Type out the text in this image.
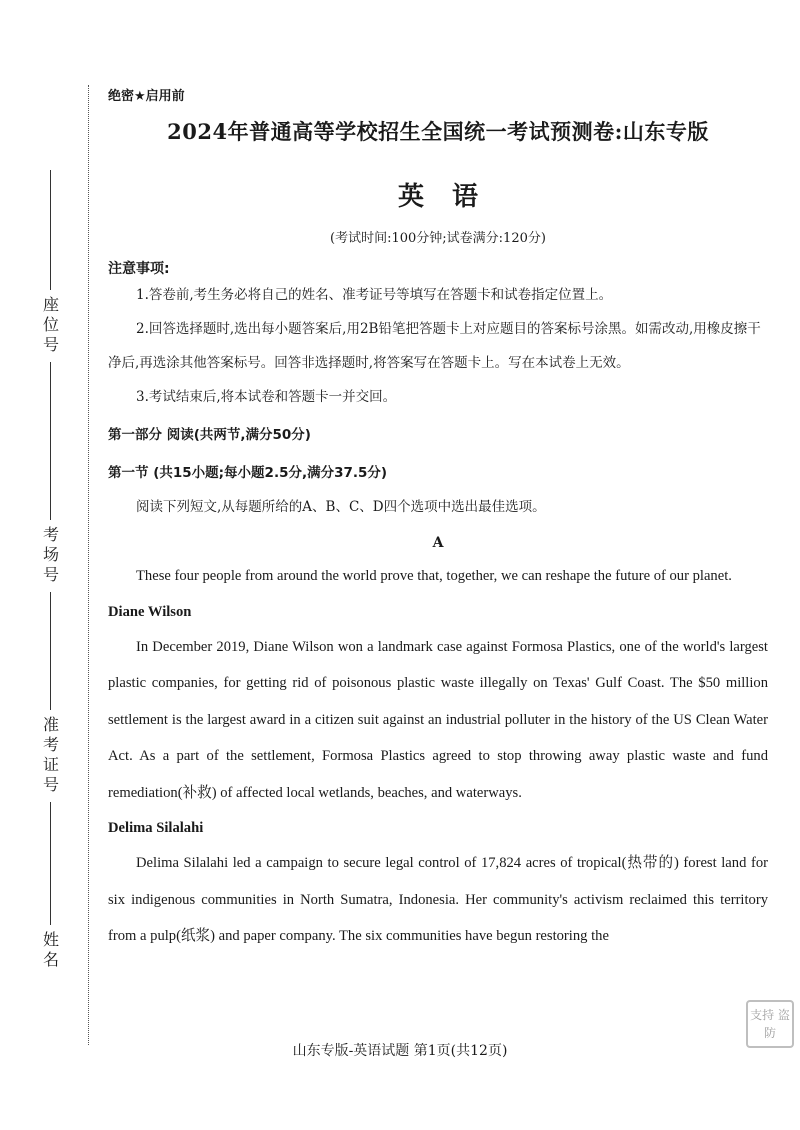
座位号
考场号
准考证号
姓名

绝密★启用前

2024年普通高等学校招生全国统一考试预测卷:山东专版
英语

(考试时间:100分钟;试卷满分:120分)

注意事项:

1.答卷前,考生务必将自己的姓名、准考证号等填写在答题卡和试卷指定位置上。

2.回答选择题时,选出每小题答案后,用2B铅笔把答题卡上对应题目的答案标号涂黑。如需改动,用橡皮擦干净后,再选涂其他答案标号。回答非选择题时,将答案写在答题卡上。写在本试卷上无效。

3.考试结束后,将本试卷和答题卡一并交回。

第一部分 阅读(共两节,满分50分)

第一节 (共15小题;每小题2.5分,满分37.5分)

阅读下列短文,从每题所给的A、B、C、D四个选项中选出最佳选项。

A

These four people from around the world prove that, together, we can reshape the future of our planet.

Diane Wilson

In December 2019, Diane Wilson won a landmark case against Formosa Plastics, one of the world's largest plastic companies, for getting rid of poisonous plastic waste illegally on Texas' Gulf Coast. The $50 million settlement is the largest award in a citizen suit against an industrial polluter in the history of the US Clean Water Act. As a part of the settlement, Formosa Plastics agreed to stop throwing away plastic waste and fund remediation(补救) of affected local wetlands, beaches, and waterways.

Delima Silalahi

Delima Silalahi led a campaign to secure legal control of 17,824 acres of tropical(热带的) forest land for six indigenous communities in North Sumatra, Indonesia. Her community's activism reclaimed this territory from a pulp(纸浆) and paper company. The six communities have begun restoring the

支持 盗防
山东专版-英语试题 第1页(共12页)
